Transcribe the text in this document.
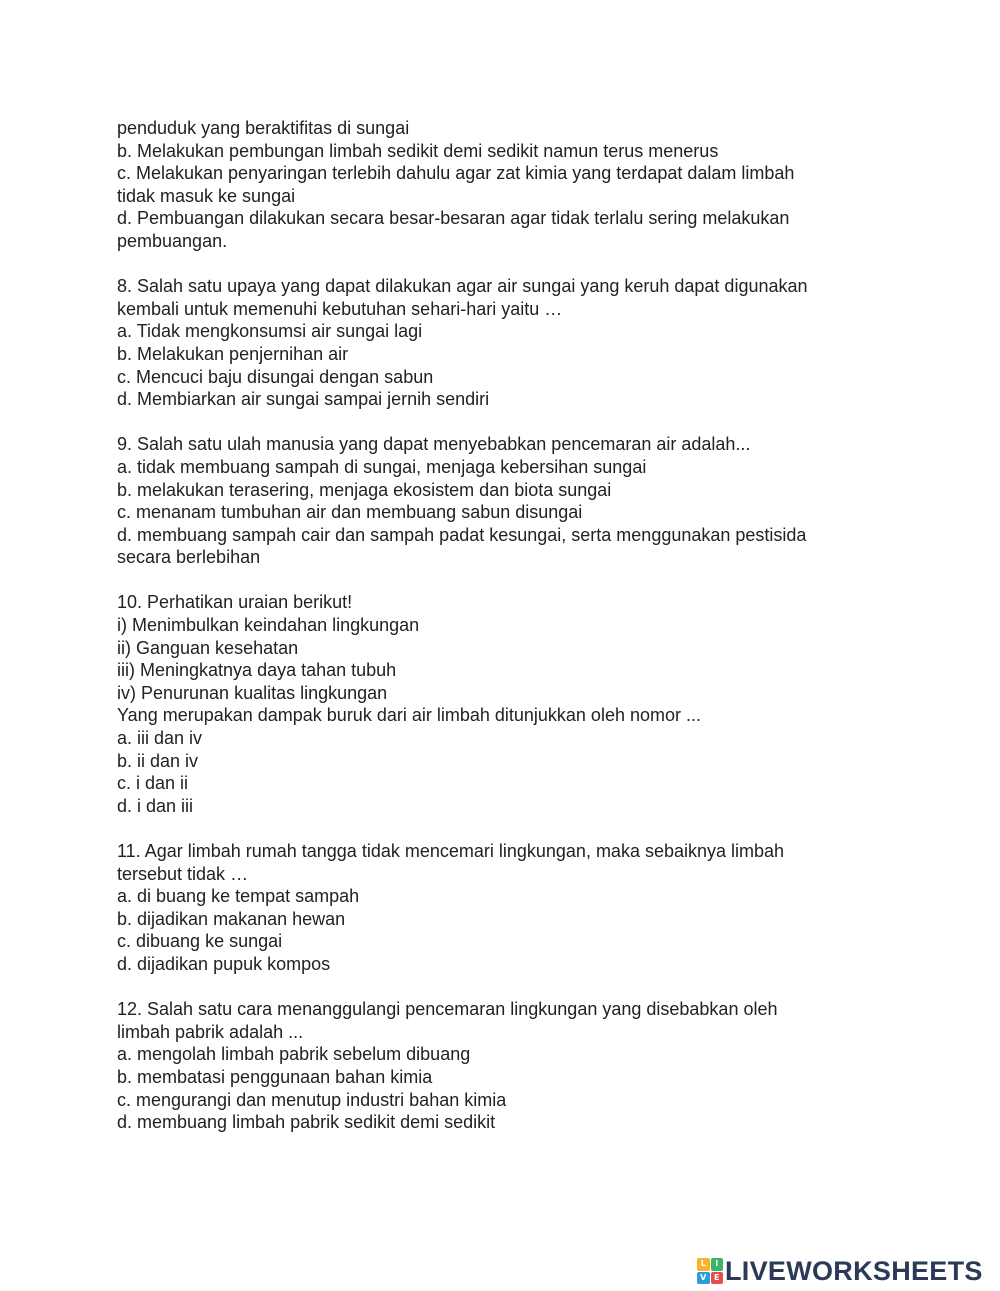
penduduk yang beraktifitas di sungai

b. Melakukan pembungan limbah sedikit demi sedikit namun terus menerus

c. Melakukan penyaringan terlebih dahulu agar zat kimia yang terdapat dalam limbah

tidak masuk ke sungai

d. Pembuangan dilakukan secara besar-besaran agar tidak terlalu sering melakukan

pembuangan.

8. Salah satu upaya yang dapat dilakukan agar air sungai yang keruh dapat digunakan

kembali untuk memenuhi kebutuhan sehari-hari yaitu …

a. Tidak mengkonsumsi air sungai lagi

b. Melakukan penjernihan air

c. Mencuci baju disungai dengan sabun

d. Membiarkan air sungai sampai jernih sendiri

9. Salah satu ulah manusia yang dapat menyebabkan pencemaran air adalah...

a. tidak membuang sampah di sungai, menjaga kebersihan sungai

b. melakukan terasering, menjaga ekosistem dan biota sungai

c. menanam tumbuhan air dan membuang sabun disungai

d. membuang sampah cair dan sampah padat kesungai, serta menggunakan pestisida

secara berlebihan

10. Perhatikan uraian berikut!

i) Menimbulkan keindahan lingkungan

ii) Ganguan kesehatan

iii) Meningkatnya daya tahan tubuh

iv) Penurunan kualitas lingkungan

Yang merupakan dampak buruk dari air limbah ditunjukkan oleh nomor ...

a. iii dan iv

b. ii dan iv

c. i dan ii

d. i dan iii

11. Agar limbah rumah tangga tidak mencemari lingkungan, maka sebaiknya limbah

tersebut tidak …

a. di buang ke tempat sampah

b. dijadikan makanan hewan

c. dibuang ke sungai

d. dijadikan pupuk kompos

12. Salah satu cara menanggulangi pencemaran lingkungan yang disebabkan oleh

limbah pabrik adalah ...

a. mengolah limbah pabrik sebelum dibuang

b. membatasi penggunaan bahan kimia

c. mengurangi dan menutup industri bahan kimia

d. membuang limbah pabrik sedikit demi sedikit

L	I
V E LIVEWORKSHEETS
